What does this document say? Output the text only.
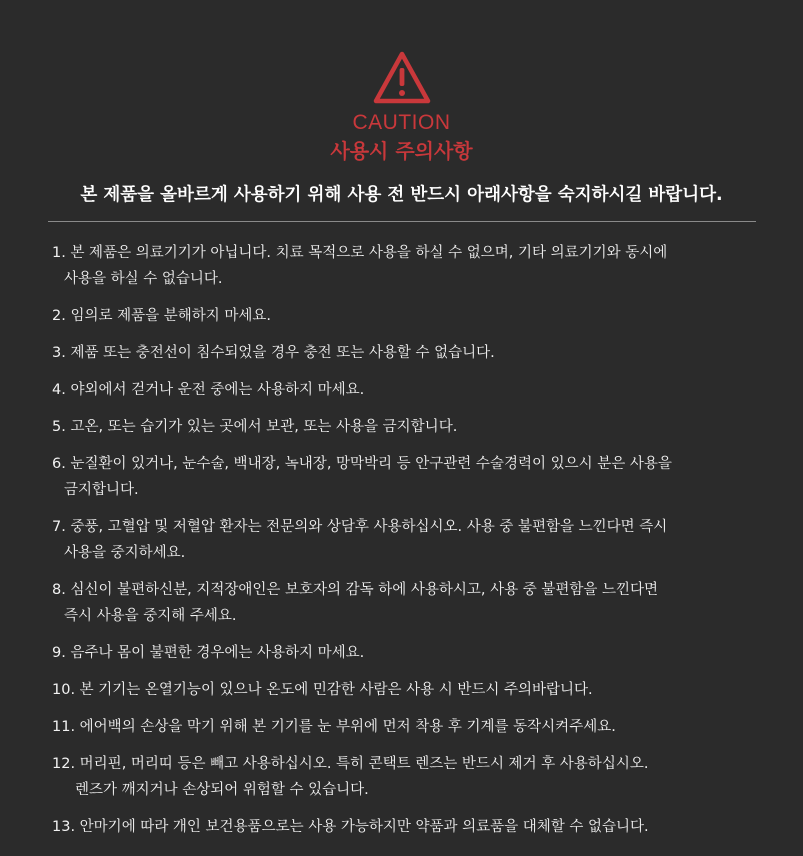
CAUTION
사용시 주의사항
본 제품을 올바르게 사용하기 위해 사용 전 반드시 아래사항을 숙지하시길 바랍니다.
1. 본 제품은 의료기기가 아닙니다. 치료 목적으로 사용을 하실 수 없으며, 기타 의료기기와 동시에
사용을 하실 수 없습니다.
2. 임의로 제품을 분해하지 마세요.
3. 제품 또는 충전선이 침수되었을 경우 충전 또는 사용할 수 없습니다.
4. 야외에서 걷거나 운전 중에는 사용하지 마세요.
5. 고온, 또는 습기가 있는 곳에서 보관, 또는 사용을 금지합니다.
6. 눈질환이 있거나, 눈수술, 백내장, 녹내장, 망막박리 등 안구관련 수술경력이 있으시 분은 사용을
금지합니다.
7. 중풍, 고혈압 및 저혈압 환자는 전문의와 상담후 사용하십시오. 사용 중 불편함을 느낀다면 즉시
사용을 중지하세요.
8. 심신이 불편하신분, 지적장애인은 보호자의 감독 하에 사용하시고, 사용 중 불편함을 느낀다면
즉시 사용을 중지해 주세요.
9. 음주나 몸이 불편한 경우에는 사용하지 마세요.
10. 본 기기는 온열기능이 있으나 온도에 민감한 사람은 사용 시 반드시 주의바랍니다.
11. 에어백의 손상을 막기 위해 본 기기를 눈 부위에 먼저 착용 후 기계를 동작시켜주세요.
12. 머리핀, 머리띠 등은 빼고 사용하십시오. 특히 콘택트 렌즈는 반드시 제거 후 사용하십시오.
렌즈가 깨지거나 손상되어 위험할 수 있습니다.
13. 안마기에 따라 개인 보건용품으로는 사용 가능하지만 약품과 의료품을 대체할 수 없습니다.
